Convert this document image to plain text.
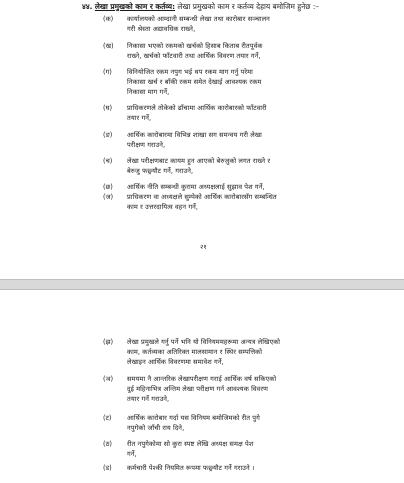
४४. लेखा प्रमुखको काम र कर्तव्य: लेखा प्रमुखको काम र कर्तव्य देहाय बमोजिम हुनेछ :–
(क) कार्यालयको आम्दानी सम्बन्धी लेखा तथा कारोबार सञ्चालन
गरी श्रेस्ता अद्यावधिक राख्ने,
(ख) निकासा भएको रकमको खर्चको हिसाब किताब रीतपूर्वक
राख्ने, खर्चको फाँटवारी तथा आर्थिक विवरण तयार गर्ने,
(ग) विनियोजित रकम नपुग भई थप रकम माग गर्नु परेमा
निकासा खर्च र बाँकी रकम समेत देखाई आवश्यक रकम
निकासा माग गर्ने,
(घ) प्राधिकरणले तोकेको ढाँचामा आर्थिक कारोबारको फाँटवारी
तयार गर्ने,
(ङ) आर्थिक कारोबारमा विभिन्न शाखा सग समन्वय गरी लेखा
परीक्षण गराउने,
(च) लेखा परीक्षणबाट कायम हुन आएको बेरुजुको लगत राख्ने र
बेरुजु फछ्र्यौट गर्ने, गराउने,
(छ) आर्थिक नीति सम्बन्धी कुरामा अध्यक्षलाई सुझाव पेश गर्ने,
(ज) प्राधिकरण वा अध्यक्षले सुम्पेको आर्थिक कारोबारसँग सम्बन्धित
काम र उत्तरदायित्व वहन गर्ने,
२१
(झ) लेखा प्रमुखले गर्नु पर्ने भनि यो विनियममहरूमा अन्यत्र लेखिएको
काम, कर्तव्यका अतिरिक्त मालसामान र स्थिर सम्पत्तिको
लेखाइन आर्थिक विवरणमा समावेश गर्ने,
(ञ) समयमा नै आन्तरिक लेखापरीक्षण गराई आर्थिक वर्ष सकिएको
दुई महिनाभित्र अन्तिम लेखा परीक्षण गर्न आवश्यक विवरण
तयार गर्ने गराउने,
(ट) आर्थिक कारोबार गर्दा यस विनियम बमोजिमको रीत पुगे
नपुगेको जाँची राय दिने,
(ठ) रीत नपुगेकोमा सो कुरा स्पष्ट लेखि अध्यक्ष समक्ष पेश
गर्ने,
(ड) कर्मचारी पेश्की नियमित रूपमा फछ्र्यौट गर्ने गराउने ।
